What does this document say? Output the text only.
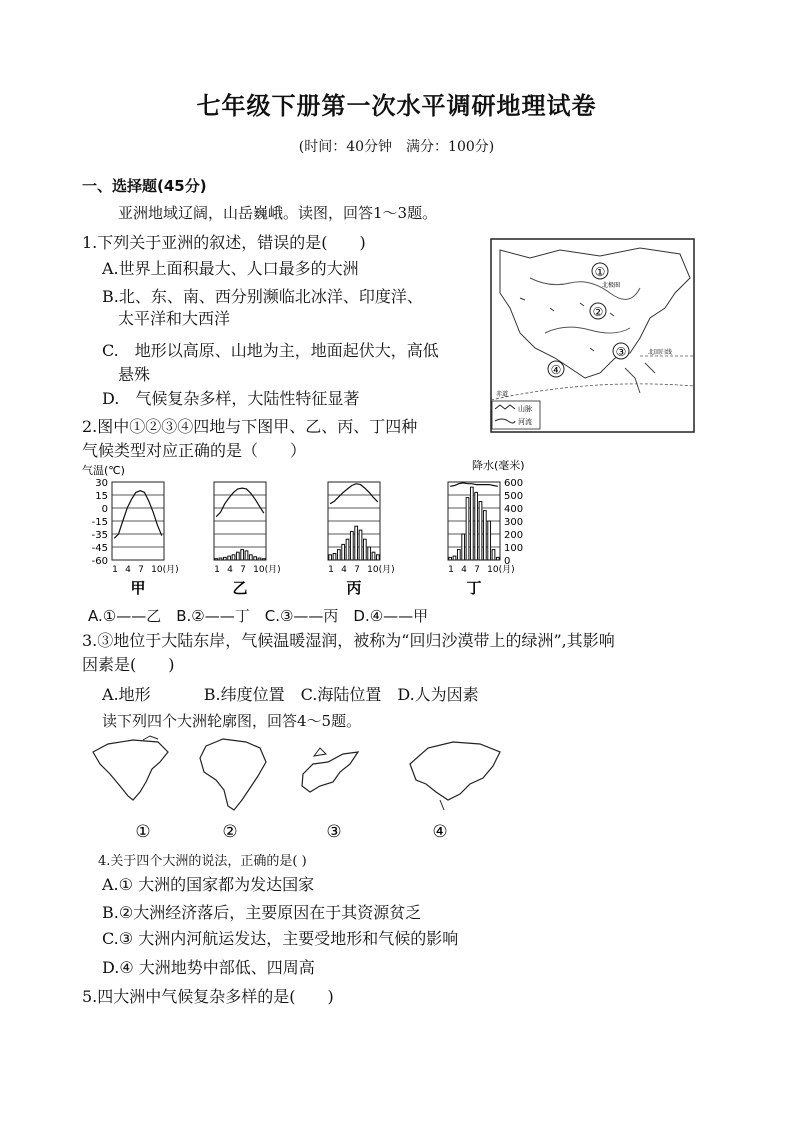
七年级下册第一次水平调研地理试卷
(时间：40分钟　满分：100分)
一、选择题(45分)
亚洲地域辽阔，山岳巍峨。读图，回答1～3题。
1.下列关于亚洲的叙述，错误的是(　　)
A.世界上面积最大、人口最多的大洲
B.北、东、南、西分别濒临北冰洋、印度洋、
太平洋和大西洋
C.　地形以高原、山地为主，地面起伏大，高低
悬殊
D.　气候复杂多样，大陆性特征显著
①
北极圈
②
③	北回归线
④
赤道
山脉
河流
2.图中①②③④四地与下图甲、乙、丙、丁四种
气候类型对应正确的是（　　）
气温(℃)	降水(毫米)
30
15
0
-15
-35
-45
-60
600
500
400
300
200
100
0
1 4 7 10(月)
甲
1 4 7 10(月)
乙
1 4 7 10(月)
丙
1 4 7 10(月)
丁
A.①——乙　B.②——丁　C.③——丙　D.④——甲
3.③地位于大陆东岸，气候温暖湿润，被称为“回归沙漠带上的绿洲”,其影响
因素是(　　)
A.地形　　　 B.纬度位置　C.海陆位置　D.人为因素
读下列四个大洲轮廓图，回答4～5题。
①	②	③	④
4.关于四个大洲的说法，正确的是( )
A.① 大洲的国家都为发达国家
B.②大洲经济落后，主要原因在于其资源贫乏
C.③ 大洲内河航运发达，主要受地形和气候的影响
D.④ 大洲地势中部低、四周高
5.四大洲中气候复杂多样的是(　　)
